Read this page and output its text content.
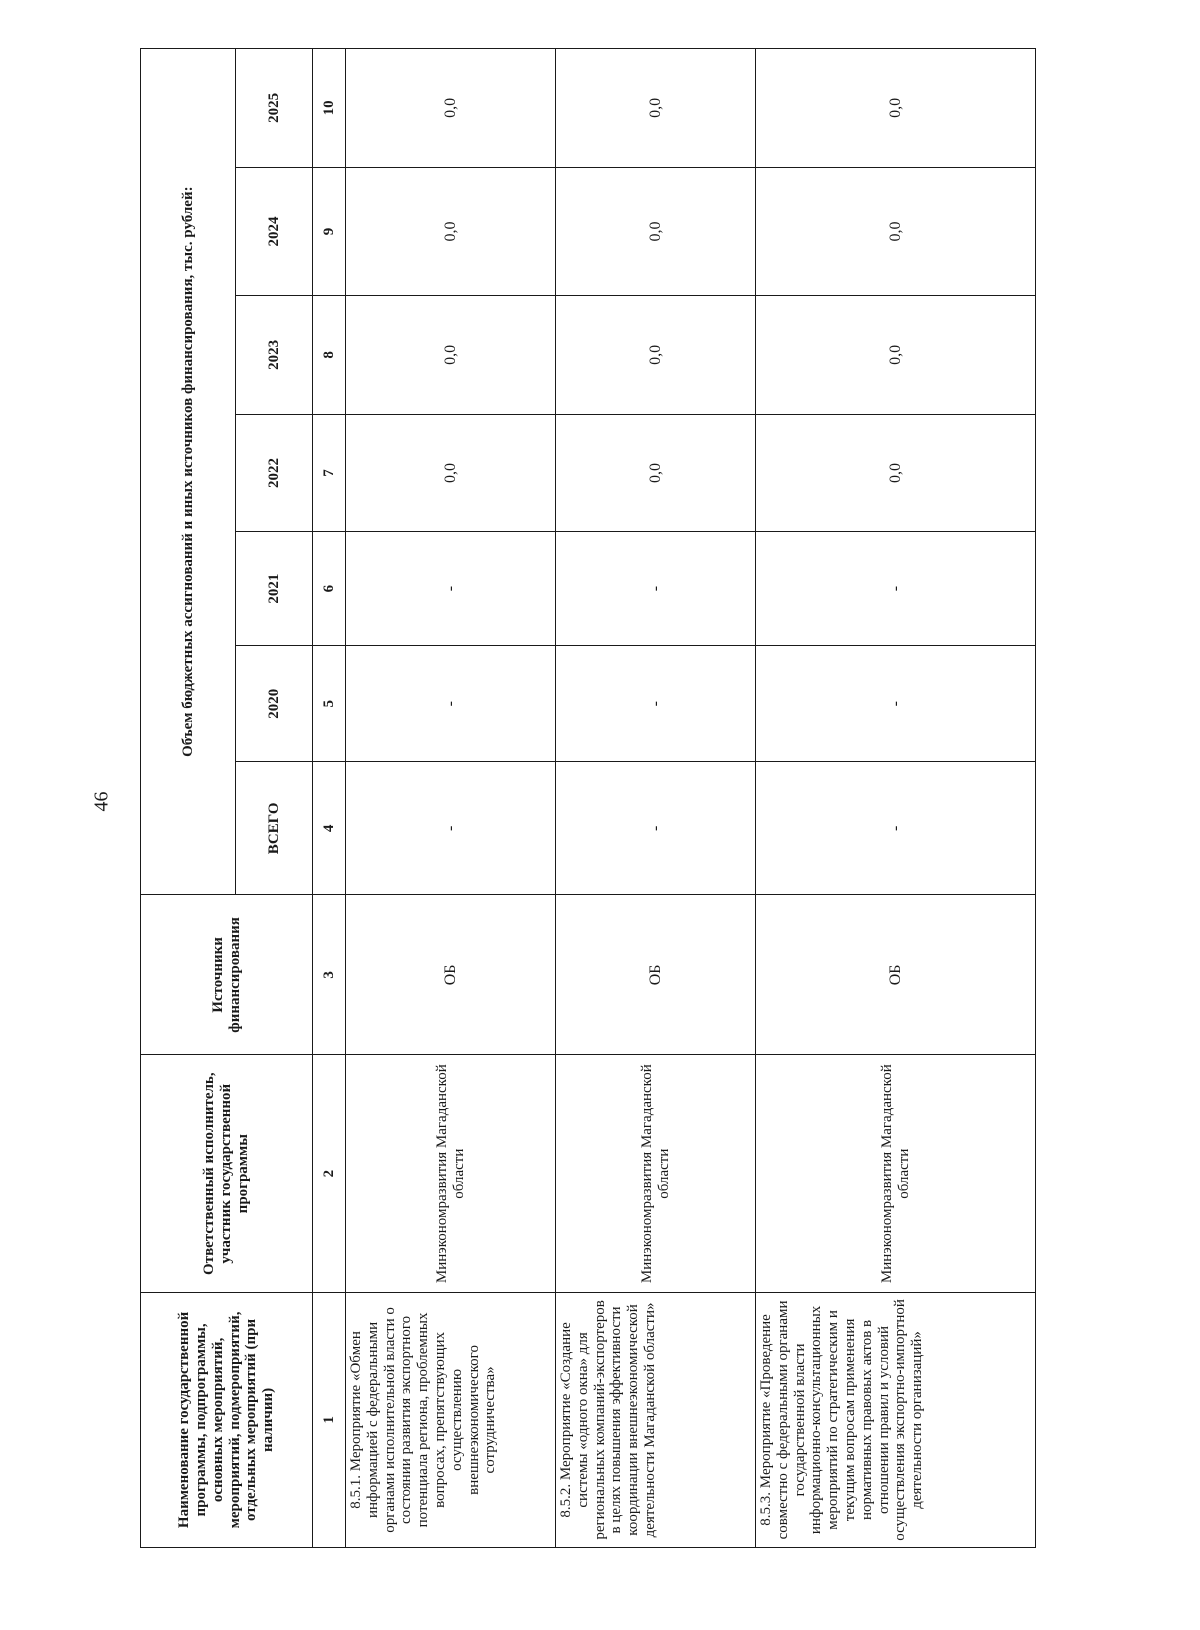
46
Наименование государственной программы, подпрограммы, основных мероприятий, мероприятий, подмероприятий, отдельных мероприятий (при наличии)	Ответственный исполнитель, участник государственной программы	Источники финансирования	Объем бюджетных ассигнований и иных источников финансирования, тыс. рублей:						
			ВСЕГО	2020	2021	2022	2023	2024	2025
1	2	3	4	5	6	7	8	9	10
8.5.1. Мероприятие «Обмен информацией с федеральными органами исполнительной власти о состоянии развития экспортного потенциала региона, проблемных вопросах, препятствующих осуществлению внешнеэкономического сотрудничества»	Минэкономразвития Магаданской области	ОБ	-	-	-	0,0	0,0	0,0	0,0
8.5.2. Мероприятие «Создание системы «одного окна» для региональных компаний-экспортеров в целях повышения эффективности координации внешнеэкономической деятельности Магаданской области»	Минэкономразвития Магаданской области	ОБ	-	-	-	0,0	0,0	0,0	0,0
8.5.3. Мероприятие «Проведение совместно с федеральными органами государственной власти информационно-консультационных мероприятий по стратегическим и текущим вопросам применения нормативных правовых актов в отношении правил и условий осуществления экспортно-импортной деятельности организаций»	Минэкономразвития Магаданской области	ОБ	-	-	-	0,0	0,0	0,0	0,0
